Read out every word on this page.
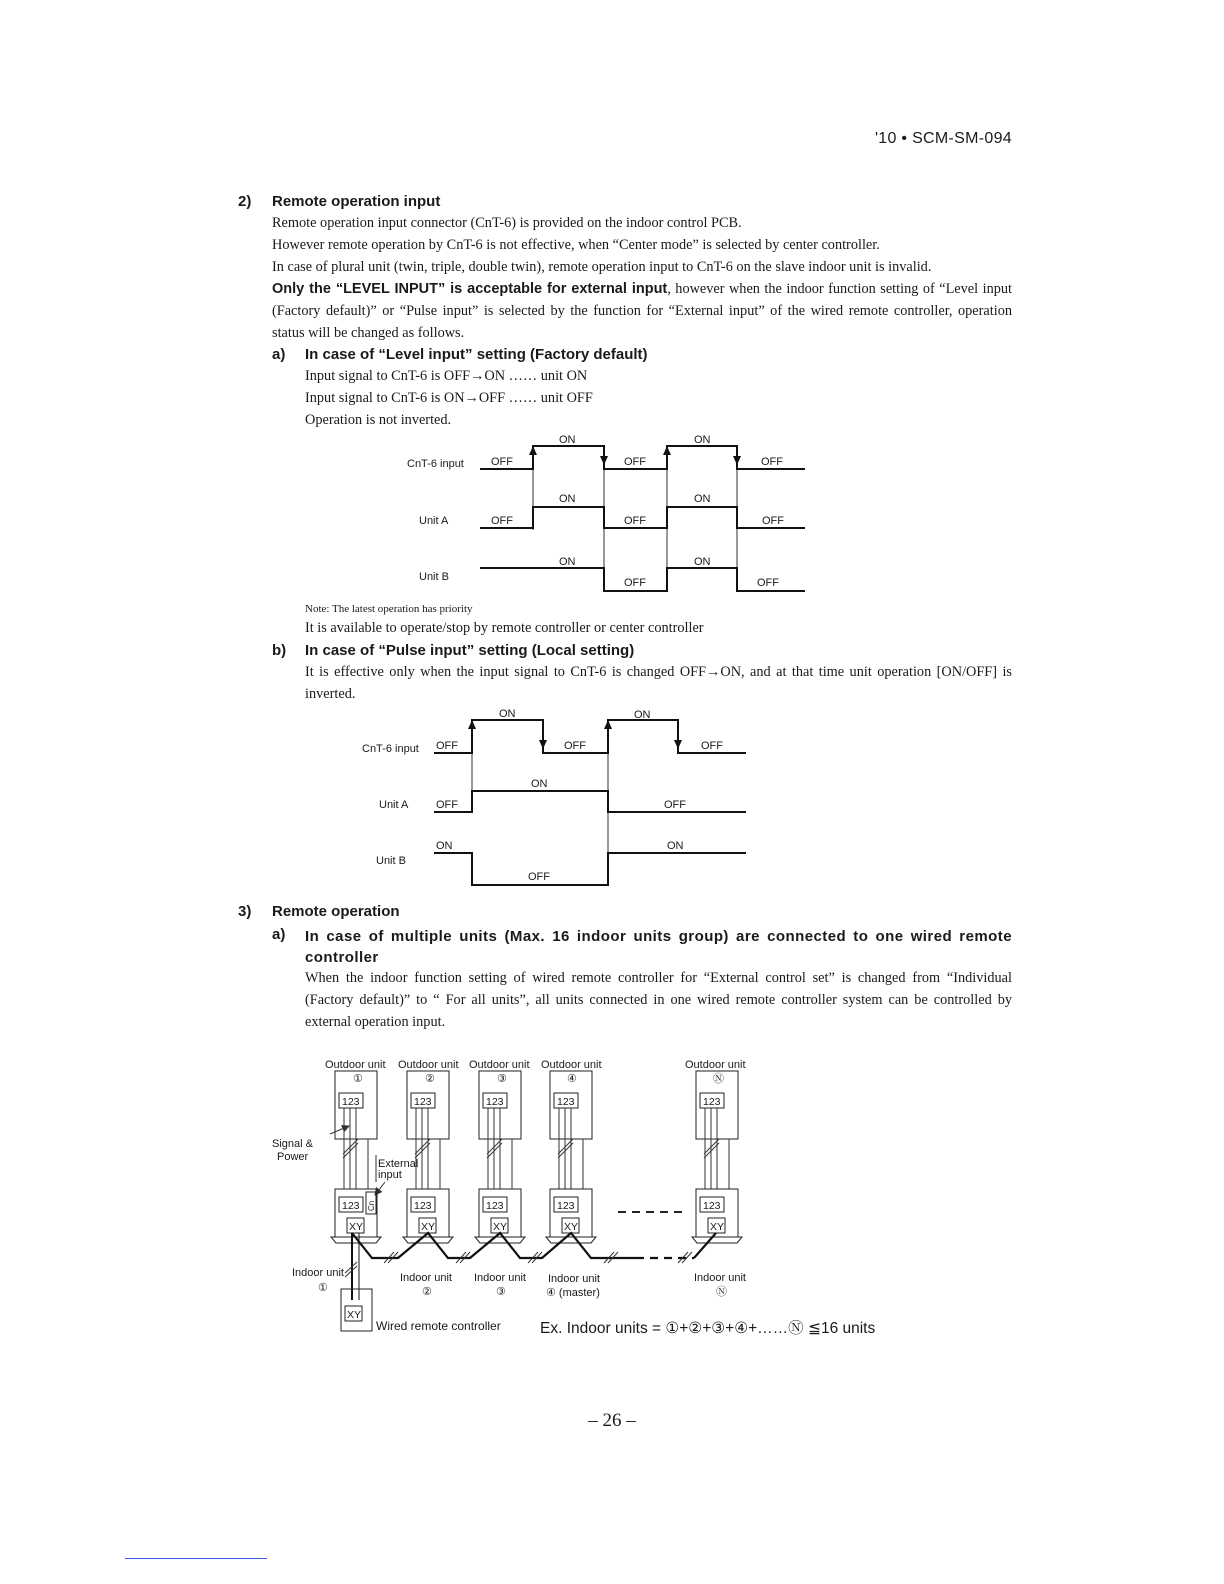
'10 • SCM-SM-094
2) Remote operation input
Remote operation input connector (CnT-6) is provided on the indoor control PCB.
However remote operation by CnT-6 is not effective, when “Center mode” is selected by center controller.
In case of plural unit (twin, triple, double twin), remote operation input to CnT-6 on the slave indoor unit is invalid.
Only the “LEVEL INPUT” is acceptable for external input, however when the indoor function setting of “Level input (Factory default)” or “Pulse input” is selected by the function for “External input” of the wired remote controller, operation status will be changed as follows.
a) In case of “Level input” setting (Factory default)
Input signal to CnT-6 is OFF→ON …… unit ON
Input signal to CnT-6 is ON→OFF …… unit OFF
Operation is not inverted.
CnT-6 input
Unit A
Unit B
ON	ON
OFF	OFF	OFF
ON	ON
OFF	OFF	OFF
ON	ON
OFF	OFF
Note: The latest operation has priority
It is available to operate/stop by remote controller or center controller
b) In case of “Pulse input” setting (Local setting)
It is effective only when the input signal to CnT-6 is changed OFF→ON, and at that time unit operation [ON/OFF] is inverted.
CnT-6 input
Unit A
Unit B
ON	ON
OFF	OFF	OFF
ON
OFF	OFF
ON	ON
OFF
3) Remote operation
a) In case of multiple units (Max. 16 indoor units group) are connected to one wired remote controller
When the indoor function setting of wired remote controller for “External control set” is changed from “Individual (Factory default)” to “ For all units”, all units connected in one wired remote controller system can be controlled by external operation input.
Outdoor unit Outdoor unit Outdoor unit Outdoor unit	Outdoor unit
①	②	③	④	Ⓝ
123	123	123	123	123
Signal &
Power
External
input
123	123	123	123	123
XY	XY	XY	XY	XY
Cn
Indoor unit
①
Indoor unit
②
Indoor unit
③
Indoor unit
④ (master)
Indoor unit
Ⓝ
XY
Wired remote controller	Ex. Indoor units = ①+②+③+④+……Ⓝ ≦16 units
– 26 –
